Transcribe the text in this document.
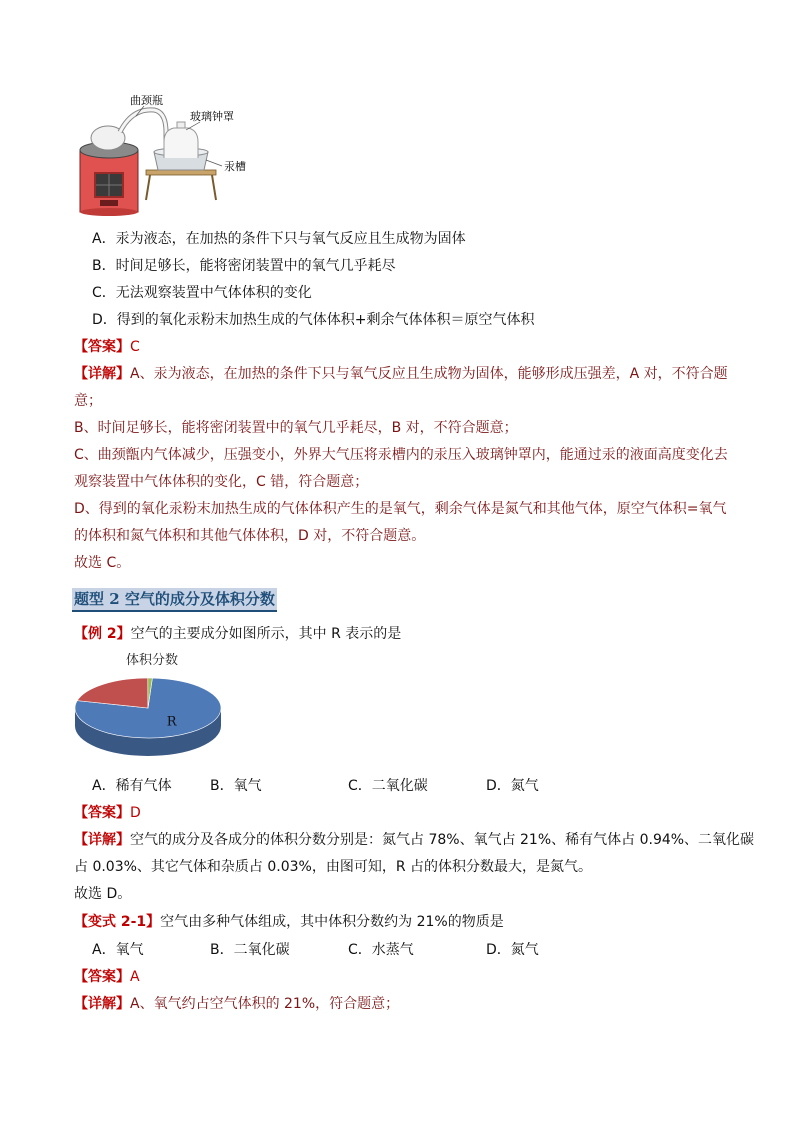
曲颈瓶
玻璃钟罩
汞槽
A．汞为液态，在加热的条件下只与氧气反应且生成物为固体
B．时间足够长，能将密闭装置中的氧气几乎耗尽
C．无法观察装置中气体体积的变化
D．得到的氧化汞粉末加热生成的气体体积+剩余气体体积＝原空气体积
【答案】C
【详解】A、汞为液态，在加热的条件下只与氧气反应且生成物为固体，能够形成压强差，A 对，不符合题
意；
B、时间足够长，能将密闭装置中的氧气几乎耗尽，B 对，不符合题意；
C、曲颈甑内气体减少，压强变小，外界大气压将汞槽内的汞压入玻璃钟罩内，能通过汞的液面高度变化去
观察装置中气体体积的变化，C 错，符合题意；
D、得到的氧化汞粉末加热生成的气体体积产生的是氧气，剩余气体是氮气和其他气体，原空气体积=氧气
的体积和氮气体积和其他气体体积，D 对，不符合题意。
故选 C。
题型 2 空气的成分及体积分数
【例 2】空气的主要成分如图所示，其中 R 表示的是
体积分数
R
A．稀有气体	B．氧气	C．二氧化碳	D．氮气
【答案】D
【详解】空气的成分及各成分的体积分数分别是：氮气占 78%、氧气占 21%、稀有气体占 0.94%、二氧化碳
占 0.03%、其它气体和杂质占 0.03%，由图可知，R 占的体积分数最大，是氮气。
故选 D。
【变式 2-1】空气由多种气体组成，其中体积分数约为 21%的物质是
A．氧气	B．二氧化碳	C．水蒸气	D．氮气
【答案】A
【详解】A、氧气约占空气体积的 21%，符合题意；
